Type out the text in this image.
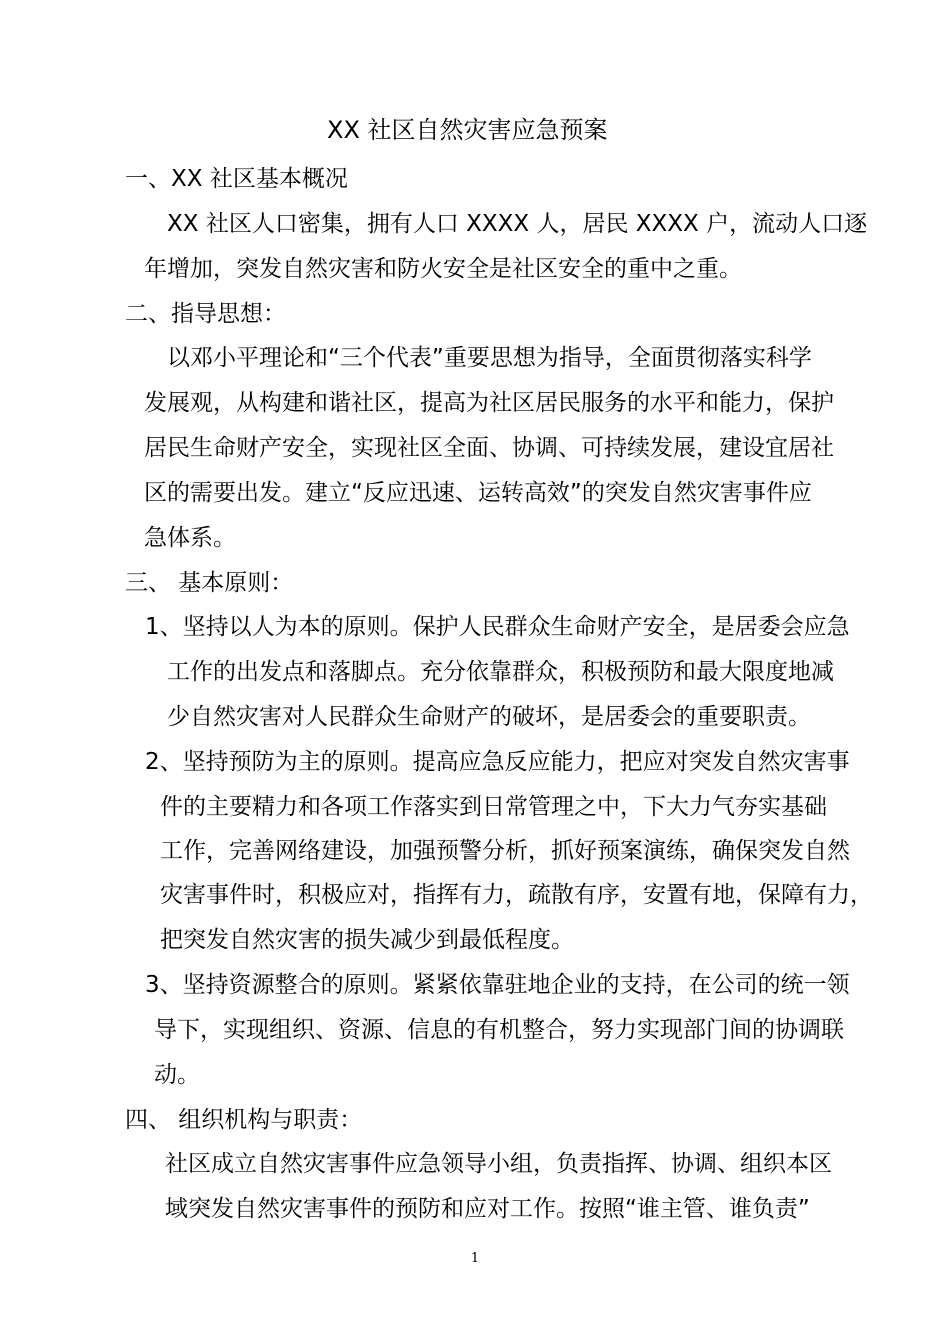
XX 社区自然灾害应急预案
一、XX 社区基本概况
XX 社区人口密集，拥有人口 XXXX 人，居民 XXXX 户，流动人口逐
年增加，突发自然灾害和防火安全是社区安全的重中之重。
二、指导思想：
以邓小平理论和“三个代表”重要思想为指导，全面贯彻落实科学
发展观，从构建和谐社区，提高为社区居民服务的水平和能力，保护
居民生命财产安全，实现社区全面、协调、可持续发展，建设宜居社
区的需要出发。建立“反应迅速、运转高效”的突发自然灾害事件应
急体系。
三、 基本原则：
1、坚持以人为本的原则。保护人民群众生命财产安全，是居委会应急
工作的出发点和落脚点。充分依靠群众，积极预防和最大限度地减
少自然灾害对人民群众生命财产的破坏，是居委会的重要职责。
2、坚持预防为主的原则。提高应急反应能力，把应对突发自然灾害事
件的主要精力和各项工作落实到日常管理之中，下大力气夯实基础
工作，完善网络建设，加强预警分析，抓好预案演练，确保突发自然
灾害事件时，积极应对，指挥有力，疏散有序，安置有地，保障有力，
把突发自然灾害的损失减少到最低程度。
3、坚持资源整合的原则。紧紧依靠驻地企业的支持，在公司的统一领
导下，实现组织、资源、信息的有机整合，努力实现部门间的协调联
动。
四、 组织机构与职责：
社区成立自然灾害事件应急领导小组，负责指挥、协调、组织本区
域突发自然灾害事件的预防和应对工作。按照“谁主管、谁负责”
1
